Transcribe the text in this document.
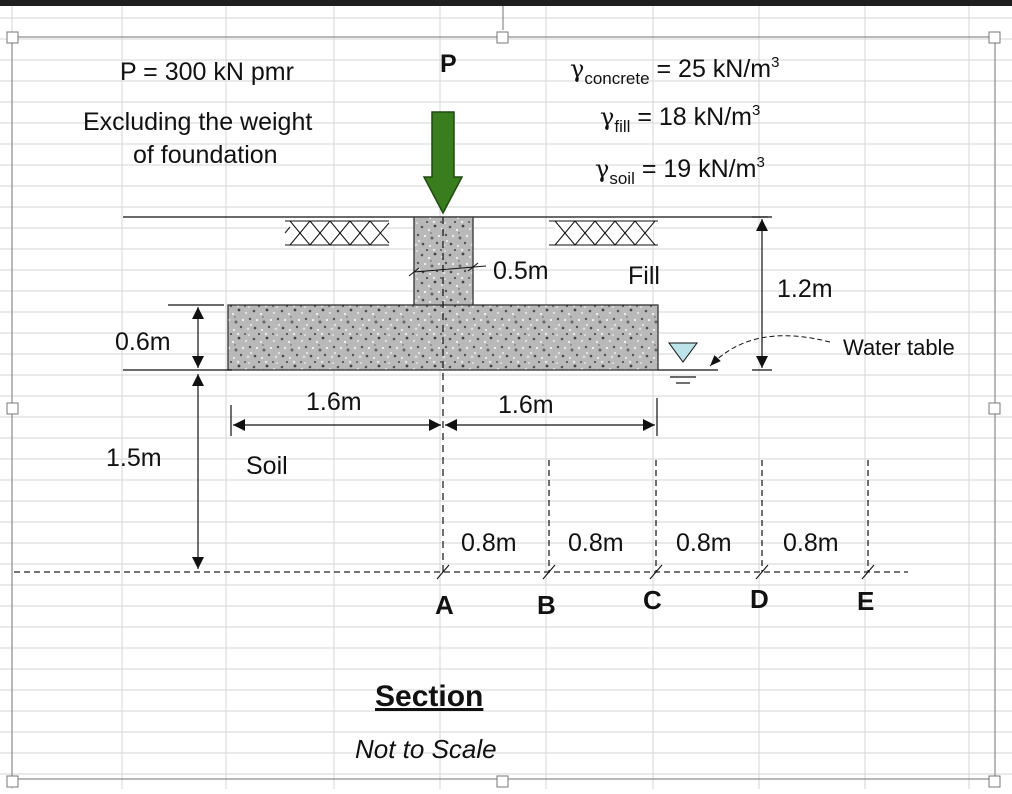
P = 300 kN pmr	P
Excluding the weight
of foundation
$\gamma_{concrete} = 25$ $kN/m^3$
$\gamma_{fill} = 18$ $kN/m^3$
$\gamma_{soil} = 19$ $kN/m^3$
0.5m	Fill	1.2m
0.6m	Water table
1.6m	1.6m
1.5m	Soil
0.8m 0.8m 0.8m 0.8m
A	B	C	D	E
Section
Not to Scale
